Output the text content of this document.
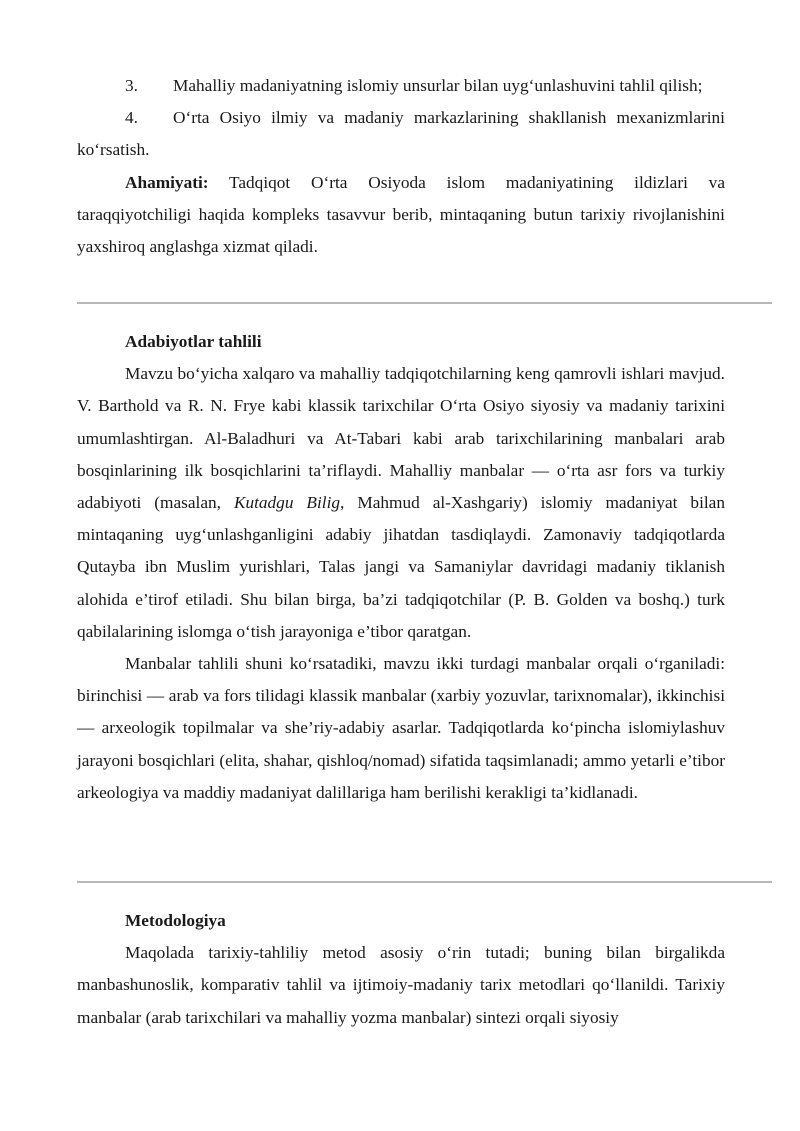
3. Mahalliy madaniyatning islomiy unsurlar bilan uyg‘unlashuvini tahlil qilish;

4. O‘rta Osiyo ilmiy va madaniy markazlarining shakllanish mexanizmlarini ko‘rsatish.

Ahamiyati: Tadqiqot O‘rta Osiyoda islom madaniyatining ildizlari va taraqqiyotchiligi haqida kompleks tasavvur berib, mintaqaning butun tarixiy rivojlanishini yaxshiroq anglashga xizmat qiladi.

Adabiyotlar tahlili

Mavzu bo‘yicha xalqaro va mahalliy tadqiqotchilarning keng qamrovli ishlari mavjud. V. Barthold va R. N. Frye kabi klassik tarixchilar O‘rta Osiyo siyosiy va madaniy tarixini umumlashtirgan. Al-Baladhuri va At-Tabari kabi arab tarixchilarining manbalari arab bosqinlarining ilk bosqichlarini ta’riflaydi. Mahalliy manbalar — o‘rta asr fors va turkiy adabiyoti (masalan, Kutadgu Bilig, Mahmud al-Xashgariy) islomiy madaniyat bilan mintaqaning uyg‘unlashganligini adabiy jihatdan tasdiqlaydi. Zamonaviy tadqiqotlarda Qutayba ibn Muslim yurishlari, Talas jangi va Samaniylar davridagi madaniy tiklanish alohida e’tirof etiladi. Shu bilan birga, ba’zi tadqiqotchilar (P. B. Golden va boshq.) turk qabilalarining islomga o‘tish jarayoniga e’tibor qaratgan.

Manbalar tahlili shuni ko‘rsatadiki, mavzu ikki turdagi manbalar orqali o‘rganiladi: birinchisi — arab va fors tilidagi klassik manbalar (xarbiy yozuvlar, tarixnomalar), ikkinchisi — arxeologik topilmalar va she’riy-adabiy asarlar. Tadqiqotlarda ko‘pincha islomiylashuv jarayoni bosqichlari (elita, shahar, qishloq/nomad) sifatida taqsimlanadi; ammo yetarli e’tibor arkeologiya va maddiy madaniyat dalillariga ham berilishi kerakligi ta’kidlanadi.

Metodologiya

Maqolada tarixiy-tahliliy metod asosiy o‘rin tutadi; buning bilan birgalikda manbashunoslik, komparativ tahlil va ijtimoiy-madaniy tarix metodlari qo‘llanildi. Tarixiy manbalar (arab tarixchilari va mahalliy yozma manbalar) sintezi orqali siyosiy
